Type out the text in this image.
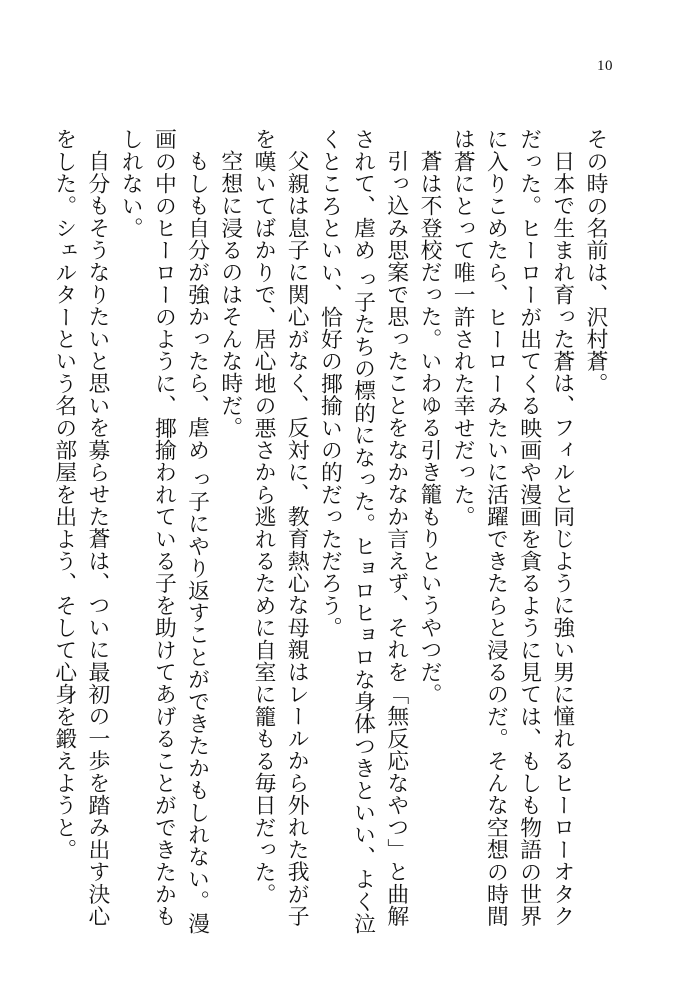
10

その時の名前は、沢村蒼。

日本で生まれ育った蒼は、フィルと同じように強い男に憧れるヒーローオタクだった。ヒーローが出てくる映画や漫画を貪るように見ては、もしも物語の世界に入りこめたら、ヒーローみたいに活躍できたらと浸るのだ。そんな空想の時間は蒼にとって唯一許された幸せだった。

蒼は不登校だった。いわゆる引き籠もりというやつだ。

引っ込み思案で思ったことをなかなか言えず、それを「無反応なやつ」と曲解されて、虐め っ子たちの標的になった。ヒョロヒョロな身体つきといい、よく泣くところといい、恰好の揶揄いの的だっただろう。

父親は息子に関心がなく、反対に、教育熱心な母親はレールから外れた我が子を嘆いてばかりで、居心地の悪さから逃れるために自室に籠もる毎日だった。

空想に浸るのはそんな時だ。

もしも自分が強かったら、虐め っ子にやり返すことができたかもしれない。漫画の中のヒーローのように、揶揄われている子を助けてあげることができたかもしれない。

自分もそうなりたいと思いを募らせた蒼は、ついに最初の一歩を踏み出す決心をした。シェルターという名の部屋を出よう、そして心身を鍛えようと。
